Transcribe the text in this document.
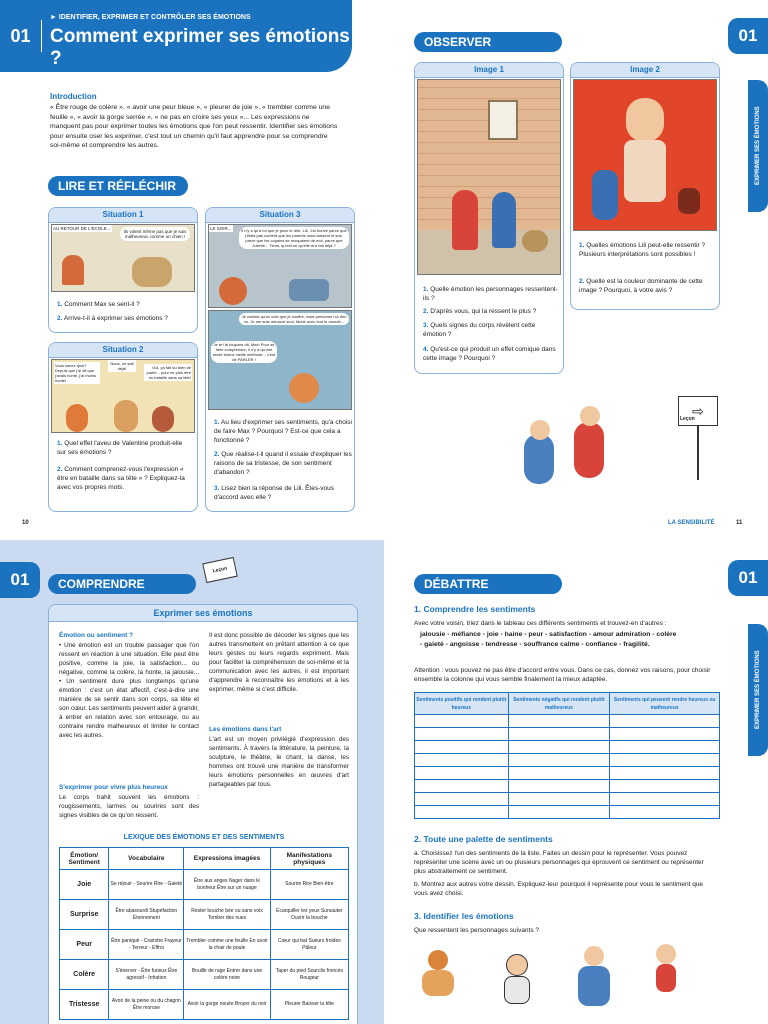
01
► IDENTIFIER, EXPRIMER ET CONTRÔLER SES ÉMOTIONS
Comment exprimer ses émotions ?
Introduction
« Être rouge de colère », « avoir une peur bleue », « pleurer de joie », « trembler comme une feuille », « avoir la gorge serrée », « ne pas en croire ses yeux »... Les expressions ne manquent pas pour exprimer toutes les émotions que l'on peut ressentir. Identifier ses émotions pour ensuite oser les exprimer, c'est tout un chemin qu'il faut apprendre pour se comprendre soi-même et comprendre les autres.
LIRE ET RÉFLÉCHIR
Situation 1
AU RETOUR DE L'ÉCOLE...
Ils volent même pas que je suis malheureux comme un chien !
1. Comment Max se sent-il ?
2. Arrive-t-il à exprimer ses émotions ?
Situation 2
Vous savez quoi? Depuis que j'ai dit que j'avais honte, j'ai moins honte!
Nous, on sait déjà!	Oui, ça fait du bien de parler... pour ne plus être en bataille dans sa tête!
1. Quel effet l'aveu de Valentine produit-elle sur ses émotions ?
2. Comment comprenez-vous l'expression « être en bataille dans sa tête » ? Expliquez-la avec vos propres mots.
Situation 3
LE SOIR...	Il n'y a qu'à toi que je peux le dire, Lili. J'ai trouvé parce que j'étais pas content que les parents nous laissent le soir, parce que les copains se moquaient de moi, parce que Juliette... Tiens, qu'est-ce qu'elle m'a fait déjà ?
Je voulais qu'on voie que je souffre, mais personne n'a rien vu. Je me suis retrouvé seul, fâché avec tout le monde...
Je te l'ai toujours dit, Max! Pour se faire comprendre, il n'y a qu'une seule bonne vieille méthode... c'est de PARLER !
1. Au lieu d'exprimer ses sentiments, qu'a choisi de faire Max ? Pourquoi ? Est-ce que cela a fonctionné ?
2. Que réalise-t-il quand il essaie d'expliquer les raisons de sa tristesse, de son sentiment d'abandon ?
3. Lisez bien la réponse de Lili. Êtes-vous d'accord avec elle ?
10
OBSERVER	01
EXPRIMER SES ÉMOTIONS
Image 1
1. Quelle émotion les personnages ressentent-ils ?
2. D'après vous, qui la ressent le plus ?
3. Quels signes du corps révèlent cette émotion ?
4. Qu'est-ce qui produit un effet comique dans cette image ? Pourquoi ?
Image 2
1. Quelles émotions Lili peut-elle ressentir ? Plusieurs interprétations sont possibles !
2. Quelle est la couleur dominante de cette image ? Pourquoi, à votre avis ?
⇨
Leçon
LA SENSIBILITÉ	11
01	COMPRENDRE
Leçon
Exprimer ses émotions
Émotion ou sentiment ?
• Une émotion est un trouble passager que l'on ressent en réaction à une situation. Elle peut être positive, comme la joie, la satisfaction... ou négative, comme la colère, la honte, la jalousie... • Un sentiment dure plus longtemps qu'une émotion : c'est un état affectif, c'est-à-dire une manière de se sentir dans son corps, sa tête et son cœur. Les sentiments peuvent aider à grandir, à entrer en relation avec son entourage, ou au contraire rendre malheureux et limiter le contact avec les autres.
S'exprimer pour vivre plus heureux
Le corps trahit souvent les émotions : rougissements, larmes ou sourires sont des signes visibles de ce qu'on ressent.
Il est donc possible de décoder les signes que les autres transmettent en prêtant attention à ce que leurs gestes ou leurs regards expriment. Mais pour faciliter la compréhension de soi-même et la communication avec les autres, il est important d'apprendre à reconnaître les émotions et à les exprimer, même si c'est difficile.
Les émotions dans l'art
L'art est un moyen privilégié d'expression des sentiments. À travers la littérature, la peinture, la sculpture, le théâtre, le chant, la danse, les hommes ont trouvé une manière de transformer leurs émotions personnelles en œuvres d'art partageables par tous.
LEXIQUE DES ÉMOTIONS ET DES SENTIMENTS
Émotion/ Sentiment	Vocabulaire	Expressions imagées	Manifestations physiques
Joie	Se réjouir - Sourire Rire - Gaieté	Être aux anges Nager dans le bonheur Être sur un nuage	Sourire Rire Bien-être
Surprise	Être abasourdi Stupéfaction Étonnement	Rester bouche bée ou sans voix Tomber des nues	Écarquiller les yeux Sursauter Ouvrir la bouche
Peur	Être paniqué - Craindre Frayeur - Terreur - Effroi	Trembler comme une feuille En avoir la chair de poule	Cœur qui bat Sueurs froides Pâleur
Colère	S'énerver - Être furieux Être agressif - Irritation	Bouillir de rage Entrer dans une colère noire	Taper du pied Sourcils froncés Rougeur
Tristesse	Avoir de la peine ou du chagrin Être morose	Avoir la gorge nouée Broyer du noir	Pleurer Baisser la tête
DÉBATTRE	01
EXPRIMER SES ÉMOTIONS
1. Comprendre les sentiments
Avec votre voisin, triez dans le tableau ces différents sentiments et trouvez-en d'autres :
jalousie - méfiance - joie - haine - peur - satisfaction - amour admiration - colère - gaieté - angoisse - tendresse - souffrance calme - confiance - fragilité.
Attention : vous pouvez ne pas être d'accord entre vous. Dans ce cas, donnez vos raisons, pour choisir ensemble la colonne qui vous semble finalement la mieux adaptée.
Sentiments positifs qui rendent plutôt heureux	Sentiments négatifs qui rendent plutôt malheureux	Sentiments qui peuvent rendre heureux ou malheureux

2. Toute une palette de sentiments
a. Choisissez l'un des sentiments de la liste. Faites un dessin pour le représenter. Vous pouvez représenter une scène avec un ou plusieurs personnages qui éprouvent ce sentiment ou représenter plus abstraitement ce sentiment.
b. Montrez aux autres votre dessin. Expliquez-leur pourquoi il représente pour vous le sentiment que vous avez choisi.
3. Identifier les émotions
Que ressentent les personnages suivants ?
